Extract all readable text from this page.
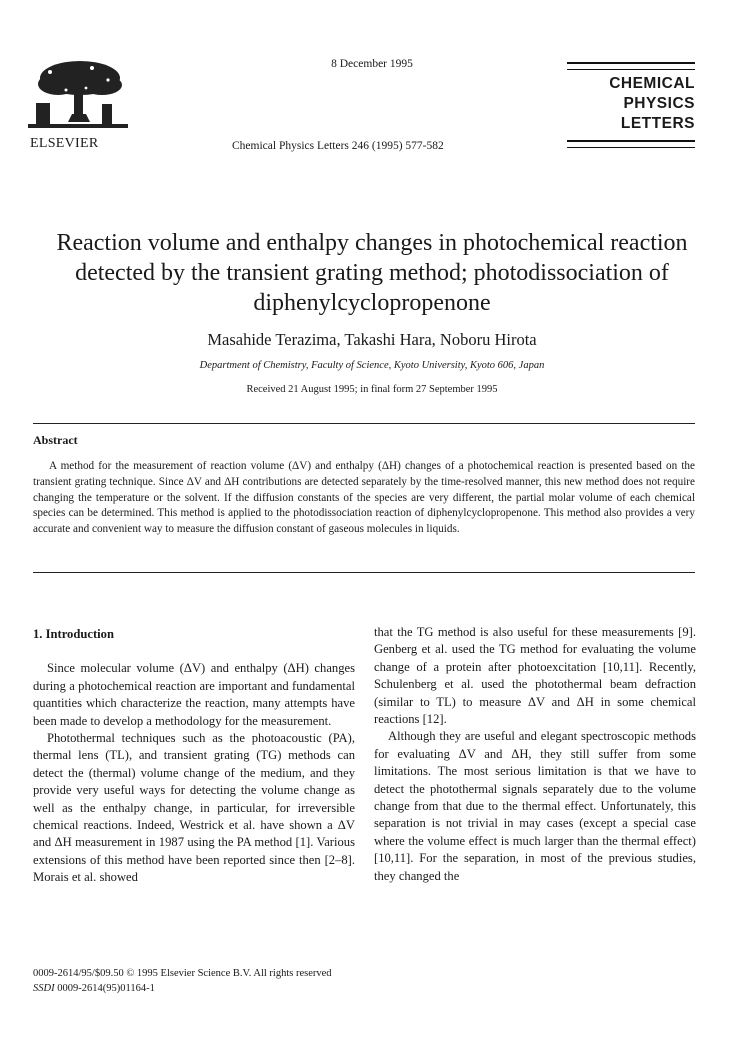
ELSEVIER
8 December 1995
Chemical Physics Letters 246 (1995) 577-582
CHEMICAL
PHYSICS
LETTERS
Reaction volume and enthalpy changes in photochemical reaction detected by the transient grating method; photodissociation of diphenylcyclopropenone
Masahide Terazima, Takashi Hara, Noboru Hirota
Department of Chemistry, Faculty of Science, Kyoto University, Kyoto 606, Japan
Received 21 August 1995; in final form 27 September 1995
Abstract
A method for the measurement of reaction volume (ΔV) and enthalpy (ΔH) changes of a photochemical reaction is presented based on the transient grating technique. Since ΔV and ΔH contributions are detected separately by the time-resolved manner, this new method does not require changing the temperature or the solvent. If the diffusion constants of the species are very different, the partial molar volume of each chemical species can be determined. This method is applied to the photodissociation reaction of diphenylcyclopropenone. This method also provides a very accurate and convenient way to measure the diffusion constant of gaseous molecules in liquids.
1. Introduction

Since molecular volume (ΔV) and enthalpy (ΔH) changes during a photochemical reaction are important and fundamental quantities which characterize the reaction, many attempts have been made to develop a methodology for the measurement.

Photothermal techniques such as the photoacoustic (PA), thermal lens (TL), and transient grating (TG) methods can detect the (thermal) volume change of the medium, and they provide very useful ways for detecting the volume change as well as the enthalpy change, in particular, for irreversible chemical reactions. Indeed, Westrick et al. have shown a ΔV and ΔH measurement in 1987 using the PA method [1]. Various extensions of this method have been reported since then [2–8]. Morais et al. showed

that the TG method is also useful for these measurements [9]. Genberg et al. used the TG method for evaluating the volume change of a protein after photoexcitation [10,11]. Recently, Schulenberg et al. used the photothermal beam defraction (similar to TL) to measure ΔV and ΔH in some chemical reactions [12].

Although they are useful and elegant spectroscopic methods for evaluating ΔV and ΔH, they still suffer from some limitations. The most serious limitation is that we have to detect the photothermal signals separately due to the volume change from that due to the thermal effect. Unfortunately, this separation is not trivial in may cases (except a special case where the volume effect is much larger than the thermal effect) [10,11]. For the separation, in most of the previous studies, they changed the

0009-2614/95/$09.50 © 1995 Elsevier Science B.V. All rights reserved
SSDI 0009-2614(95)01164-1
